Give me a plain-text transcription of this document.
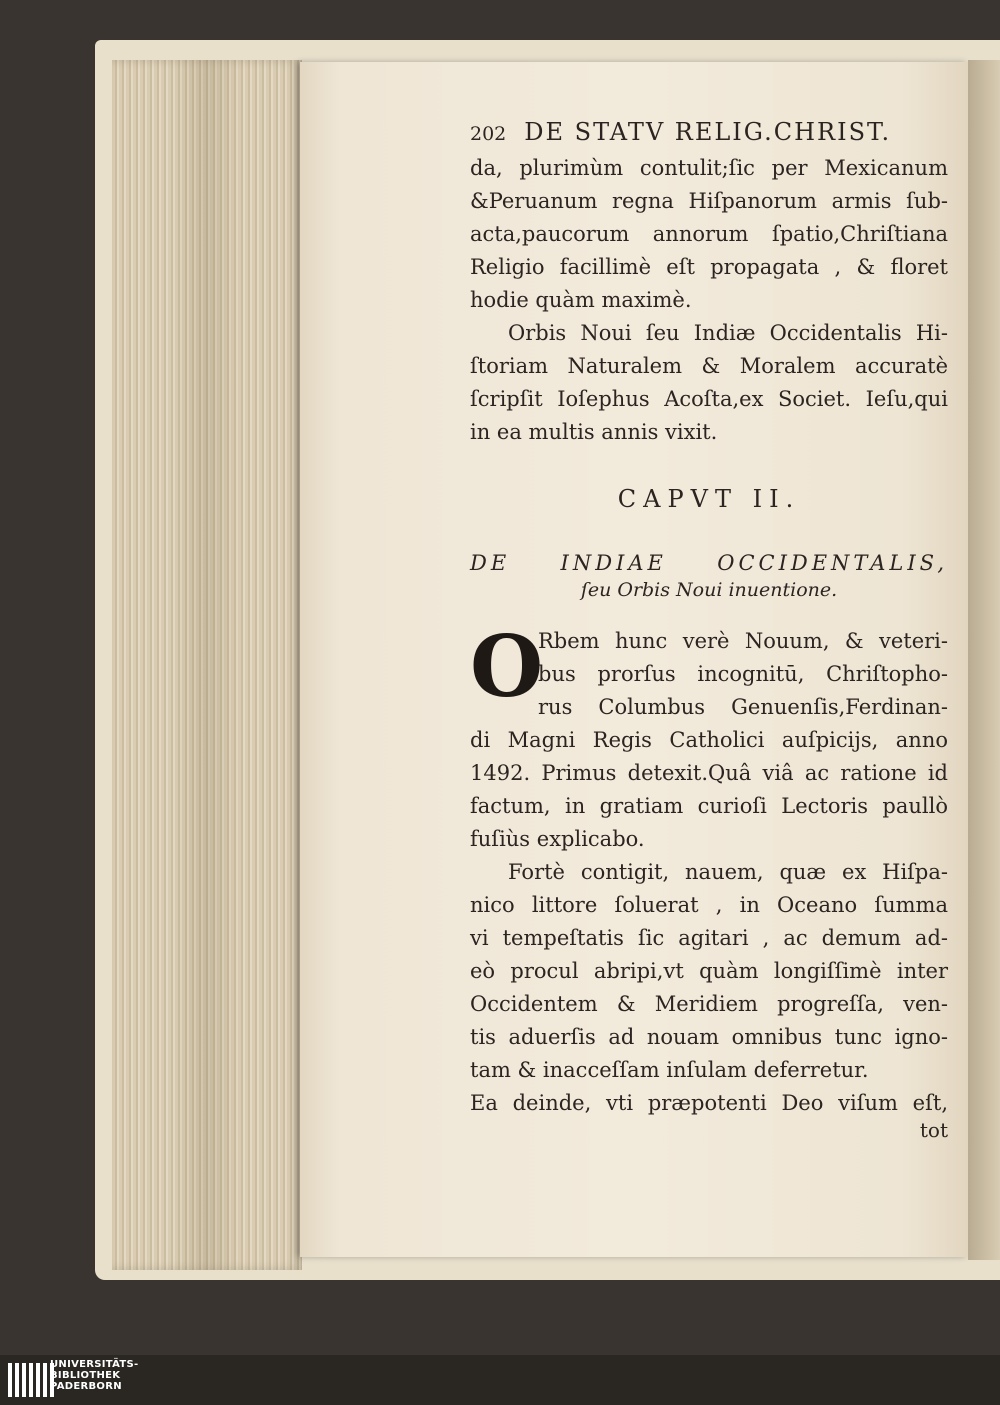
202 DE STATV RELIG.CHRIST.
da, plurimùm contulit;ſic per Mexicanum
&Peruanum regna Hiſpanorum armis ſub-
acta,paucorum annorum ſpatio,Chriſtiana
Religio facillimè eſt propagata , & floret
hodie quàm maximè.
Orbis Noui ſeu Indiæ Occidentalis Hi-
ſtoriam Naturalem & Moralem accuratè
ſcripſit Ioſephus Acoſta,ex Societ. Ieſu,qui
in ea multis annis vixit.
CAPVT II.
DE INDIAE OCCIDENTALIS,
ſeu Orbis Noui inuentione.
O
Rbem hunc verè Nouum, & veteri-
bus prorſus incognitū, Chriſtopho-
rus Columbus Genuenſis,Ferdinan-
di Magni Regis Catholici auſpicijs, anno
1492. Primus detexit.Quâ viâ ac ratione id
factum, in gratiam curioſi Lectoris paullò
fuſiùs explicabo.
Fortè contigit, nauem, quæ ex Hiſpa-
nico littore ſoluerat , in Oceano ſumma
vi tempeſtatis ſic agitari , ac demum ad-
eò procul abripi,vt quàm longiſſimè inter
Occidentem & Meridiem progreſſa, ven-
tis aduerſis ad nouam omnibus tunc igno-
tam & inacceſſam inſulam deferretur.
Ea deinde, vti præpotenti Deo viſum eſt,
tot
UNIVERSITÄTS-
BIBLIOTHEK
PADERBORN
